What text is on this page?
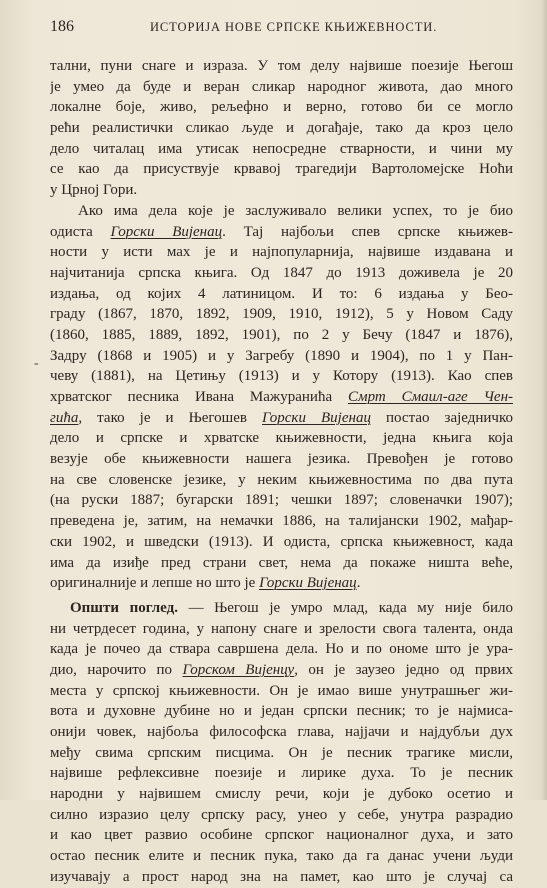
186	ИСТОРИЈА НОВЕ СРПСКЕ КЊИЖЕВНОСТИ.
-
тални, пуни снаге и израза. У том делу највише поезије Његош
је умео да буде и веран сликар народног живота, дао много
локалне боје, живо, рељефно и верно, готово би се могло
рећи реалистички сликао људе и догађаје, тако да кроз цело
дело читалац има утисак непосредне стварности, и чини му
се као да присуствује крвавој трагедији Вартоломејске Ноћи
у Црној Гори.
Ако има дела које је заслуживало велики успех, то је био
одиста Горски Вијенац. Тај најбољи спев српске књижев-
ности у исти мах је и најпопуларнија, највише издавана и
најчитанија српска књига. Од 1847 до 1913 доживела је 20
издања, од којих 4 латиницом. И то: 6 издања у Бео-
граду (1867, 1870, 1892, 1909, 1910, 1912), 5 у Новом Саду
(1860, 1885, 1889, 1892, 1901), по 2 у Бечу (1847 и 1876),
Задру (1868 и 1905) и у Загребу (1890 и 1904), по 1 у Пан-
чеву (1881), на Цетињу (1913) и у Котору (1913). Као спев
хрватског песника Ивана Мажуранића Смрт Смаил-аге Чен-
гића, тако је и Његошев Горски Вијенац постао заједничко
дело и српске и хрватске књижевности, једна књига која
везује обе књижевности нашега језика. Превођен је готово
на све словенске језике, у неким књижевностима по два пута
(на руски 1887; бугарски 1891; чешки 1897; словеначки 1907);
преведена је, затим, на немачки 1886, на талијански 1902, мађар-
ски 1902, и шведски (1913). И одиста, српска књижевност, када
има да изиђе пред страни свет, нема да покаже ништа веће,
оригиналније и лепше но што је Горски Вијенац.
Општи поглед. — Његош је умро млад, када му није било
ни четрдесет година, у напону снаге и зрелости свога талента, онда
када је почео да ствара савршена дела. Но и по ономе што је ура-
дио, нарочито по Горском Вијенцу, он је заузео једно од првих
места у српској књижевности. Он је имао више унутрашњег жи-
вота и духовне дубине но и један српски песник; то је најмиса-
онији човек, најбоља философска глава, најјачи и најдубљи дух
међу свима српским писцима. Он је песник трагике мисли,
највише рефлексивне поезије и лирике духа. То је песник
народни у највишем смислу речи, који је дубоко осетио и
силно изразио целу српску расу, унео у себе, унутра разрадио
и као цвет развио особине српског националног духа, и зато
остао песник елите и песник пука, тако да га данас учени људи
изучавају а прост народ зна на памет, као што је случај са
